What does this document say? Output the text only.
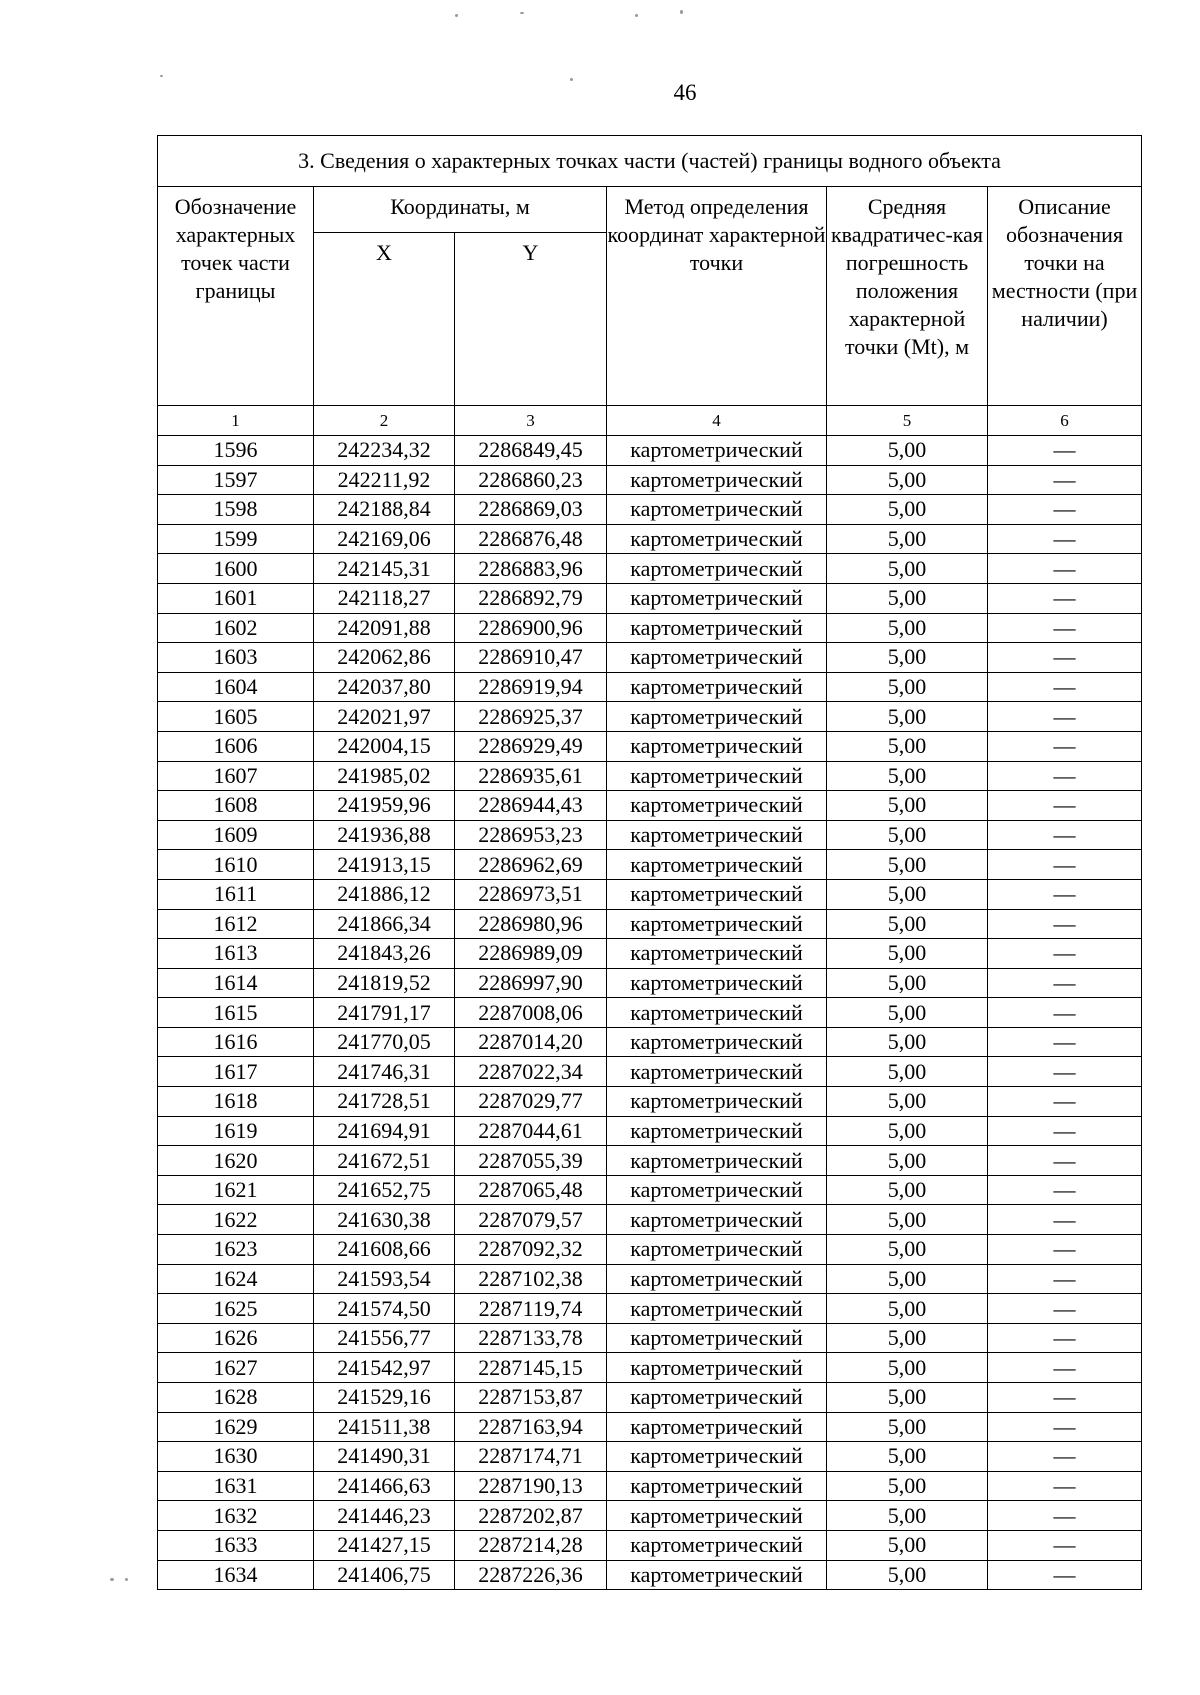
46
3. Сведения о характерных точках части (частей) границы водного объекта					
Обозначение характерных точек части границы	Координаты, м		Метод определения координат характерной точки	Средняя квадратичес-кая погрешность положения характерной точки (Mt), м	Описание обозначения точки на местности (при наличии)
	X	Y			
1	2	3	4	5	6
1596	242234,32	2286849,45	картометрический	5,00	—
1597	242211,92	2286860,23	картометрический	5,00	—
1598	242188,84	2286869,03	картометрический	5,00	—
1599	242169,06	2286876,48	картометрический	5,00	—
1600	242145,31	2286883,96	картометрический	5,00	—
1601	242118,27	2286892,79	картометрический	5,00	—
1602	242091,88	2286900,96	картометрический	5,00	—
1603	242062,86	2286910,47	картометрический	5,00	—
1604	242037,80	2286919,94	картометрический	5,00	—
1605	242021,97	2286925,37	картометрический	5,00	—
1606	242004,15	2286929,49	картометрический	5,00	—
1607	241985,02	2286935,61	картометрический	5,00	—
1608	241959,96	2286944,43	картометрический	5,00	—
1609	241936,88	2286953,23	картометрический	5,00	—
1610	241913,15	2286962,69	картометрический	5,00	—
1611	241886,12	2286973,51	картометрический	5,00	—
1612	241866,34	2286980,96	картометрический	5,00	—
1613	241843,26	2286989,09	картометрический	5,00	—
1614	241819,52	2286997,90	картометрический	5,00	—
1615	241791,17	2287008,06	картометрический	5,00	—
1616	241770,05	2287014,20	картометрический	5,00	—
1617	241746,31	2287022,34	картометрический	5,00	—
1618	241728,51	2287029,77	картометрический	5,00	—
1619	241694,91	2287044,61	картометрический	5,00	—
1620	241672,51	2287055,39	картометрический	5,00	—
1621	241652,75	2287065,48	картометрический	5,00	—
1622	241630,38	2287079,57	картометрический	5,00	—
1623	241608,66	2287092,32	картометрический	5,00	—
1624	241593,54	2287102,38	картометрический	5,00	—
1625	241574,50	2287119,74	картометрический	5,00	—
1626	241556,77	2287133,78	картометрический	5,00	—
1627	241542,97	2287145,15	картометрический	5,00	—
1628	241529,16	2287153,87	картометрический	5,00	—
1629	241511,38	2287163,94	картометрический	5,00	—
1630	241490,31	2287174,71	картометрический	5,00	—
1631	241466,63	2287190,13	картометрический	5,00	—
1632	241446,23	2287202,87	картометрический	5,00	—
1633	241427,15	2287214,28	картометрический	5,00	—
1634	241406,75	2287226,36	картометрический	5,00	—
